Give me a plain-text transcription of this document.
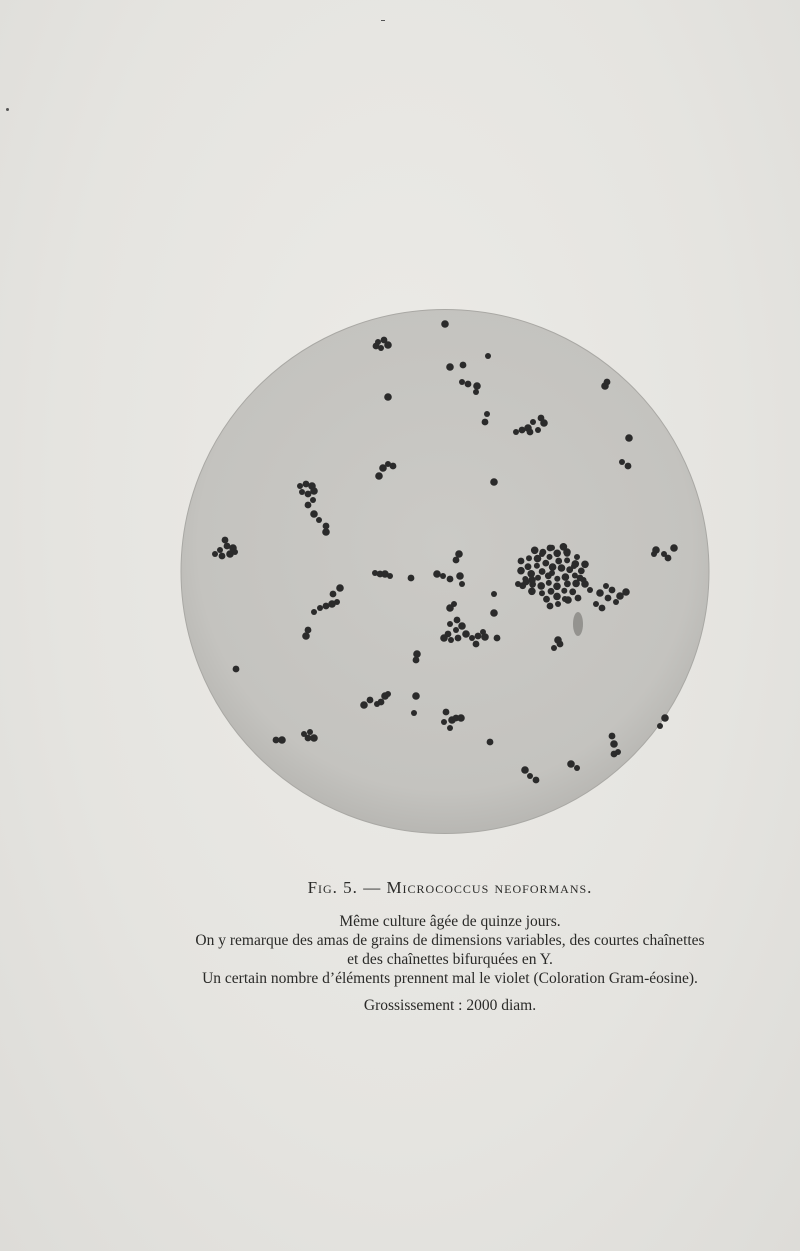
Fig. 5. — Micrococcus neoformans.

Même culture âgée de quinze jours.

On y remarque des amas de grains de dimensions variables, des courtes chaînettes

et des chaînettes bifurquées en Y.

Un certain nombre d’éléments prennent mal le violet (Coloration Gram-éosine).

Grossissement : 2000 diam.
